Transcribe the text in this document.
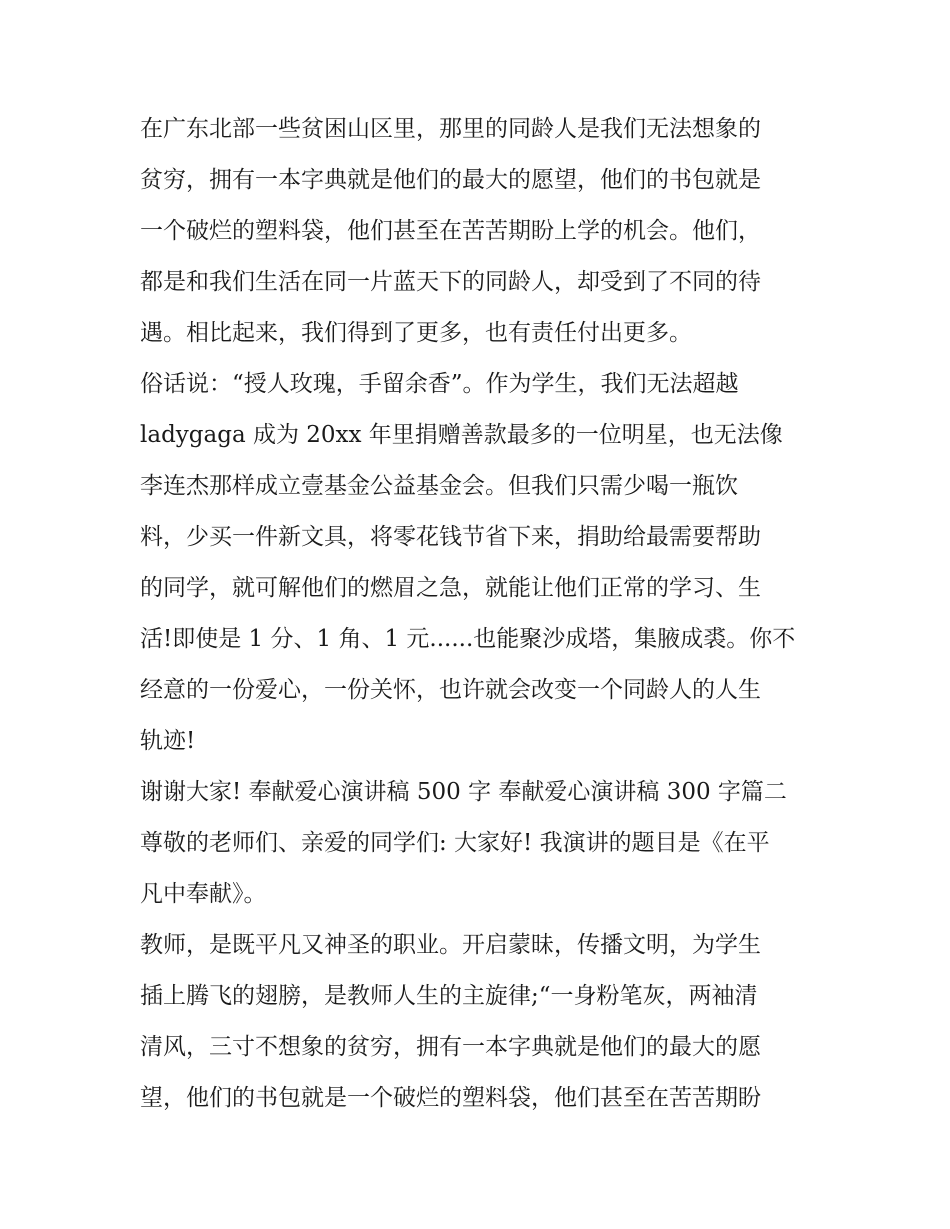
在广东北部一些贫困山区里，那里的同龄人是我们无法想象的
贫穷，拥有一本字典就是他们的最大的愿望，他们的书包就是
一个破烂的塑料袋，他们甚至在苦苦期盼上学的机会。他们，
都是和我们生活在同一片蓝天下的同龄人，却受到了不同的待
遇。相比起来，我们得到了更多，也有责任付出更多。
俗话说：“授人玫瑰，手留余香”。作为学生，我们无法超越
ladygaga 成为 20xx 年里捐赠善款最多的一位明星，也无法像
李连杰那样成立壹基金公益基金会。但我们只需少喝一瓶饮
料，少买一件新文具，将零花钱节省下来，捐助给最需要帮助
的同学，就可解他们的燃眉之急，就能让他们正常的学习、生
活!即使是 1 分、1 角、1 元......也能聚沙成塔，集腋成裘。你不
经意的一份爱心，一份关怀，也许就会改变一个同龄人的人生
轨迹!
谢谢大家! 奉献爱心演讲稿 500 字 奉献爱心演讲稿 300 字篇二
尊敬的老师们、亲爱的同学们: 大家好! 我演讲的题目是《在平
凡中奉献》。
教师，是既平凡又神圣的职业。开启蒙昧，传播文明，为学生
插上腾飞的翅膀，是教师人生的主旋律;“一身粉笔灰，两袖清
清风，三寸不想象的贫穷，拥有一本字典就是他们的最大的愿
望，他们的书包就是一个破烂的塑料袋，他们甚至在苦苦期盼
